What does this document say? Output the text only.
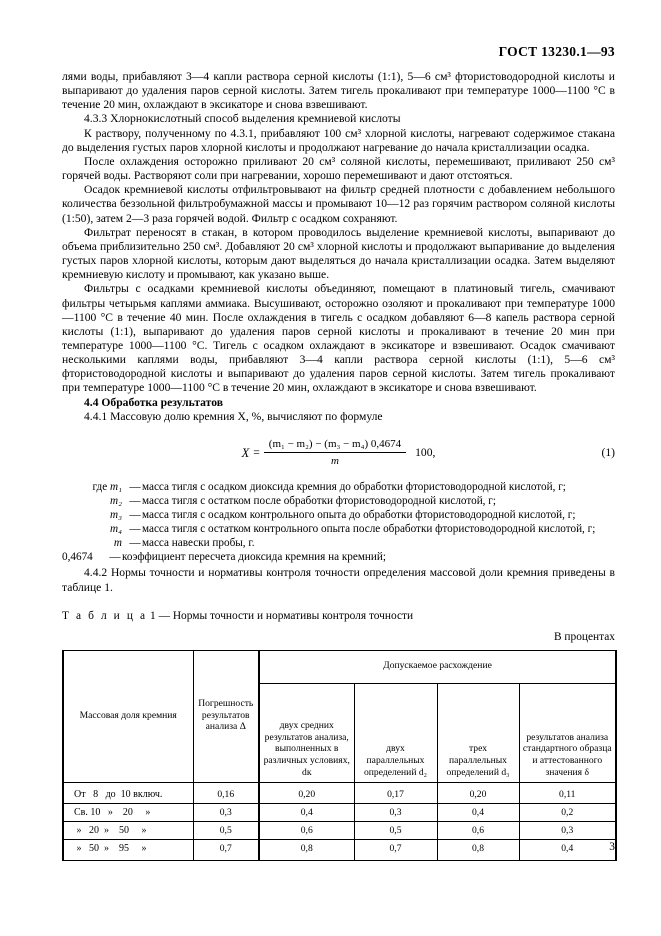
ГОСТ 13230.1—93

лями воды, прибавляют 3—4 капли раствора серной кислоты (1:1), 5—6 см³ фтористоводородной кислоты и выпаривают до удаления паров серной кислоты. Затем тигель прокаливают при температуре 1000—1100 °С в течение 20 мин, охлаждают в эксикаторе и снова взвешивают.

4.3.3 Хлорнокислотный способ выделения кремниевой кислоты

К раствору, полученному по 4.3.1, прибавляют 100 см³ хлорной кислоты, нагревают содержимое стакана до выделения густых паров хлорной кислоты и продолжают нагревание до начала кристаллизации осадка.

После охлаждения осторожно приливают 20 см³ соляной кислоты, перемешивают, приливают 250 см³ горячей воды. Растворяют соли при нагревании, хорошо перемешивают и дают отстояться.

Осадок кремниевой кислоты отфильтровывают на фильтр средней плотности с добавлением небольшого количества беззольной фильтробумажной массы и промывают 10—12 раз горячим раствором соляной кислоты (1:50), затем 2—3 раза горячей водой. Фильтр с осадком сохраняют.

Фильтрат переносят в стакан, в котором проводилось выделение кремниевой кислоты, выпаривают до объема приблизительно 250 см³. Добавляют 20 см³ хлорной кислоты и продолжают выпаривание до выделения густых паров хлорной кислоты, которым дают выделяться до начала кристаллизации осадка. Затем выделяют кремниевую кислоту и промывают, как указано выше.

Фильтры с осадками кремниевой кислоты объединяют, помещают в платиновый тигель, смачивают фильтры четырьмя каплями аммиака. Высушивают, осторожно озоляют и прокаливают при температуре 1000—1100 °С в течение 40 мин. После охлаждения в тигель с осадком добавляют 6—8 капель раствора серной кислоты (1:1), выпаривают до удаления паров серной кислоты и прокаливают в течение 20 мин при температуре 1000—1100 °С. Тигель с осадком охлаждают в эксикаторе и взвешивают. Осадок смачивают несколькими каплями воды, прибавляют 3—4 капли раствора серной кислоты (1:1), 5—6 см³ фтористоводородной кислоты и выпаривают до удаления паров серной кислоты. Затем тигель прокаливают при температуре 1000—1100 °С в течение 20 мин, охлаждают в эксикаторе и снова взвешивают.

4.4 Обработка результатов

4.4.1 Массовую долю кремния X, %, вычисляют по формуле

$X = \frac{\text{(m₁ − m₂) − (m₃ − m₄) 0,4674}}{m} 100$,	(1)
где m₁ — масса тигля с осадком диоксида кремния до обработки фтористоводородной кислотой, г;
m₂ — масса тигля с остатком после обработки фтористоводородной кислотой, г;
m₃ — масса тигля с осадком контрольного опыта до обработки фтористоводородной кислотой, г;
m₄ — масса тигля с остатком контрольного опыта после обработки фтористоводородной кислотой, г;
m — масса навески пробы, г.
0,4674	— коэффициент пересчета диоксида кремния на кремний;

4.4.2 Нормы точности и нормативы контроля точности определения массовой доли кремния приведены в таблице 1.

Т а б л и ц а 1 — Нормы точности и нормативы контроля точности

В процентах

Массовая доля кремния	Погрешность результатов анализа Δ	Допускаемое расхождение			
		двух средних результатов анализа, выполненных в различных условиях, dк	двух параллельных определений d₂	трех параллельных определений d₃	результатов анализа стандартного образца и аттестованного значения δ
От   8   до  10 включ.	0,16	0,20	0,17	0,20	0,11
Св. 10   »    20     »	0,3	0,4	0,3	0,4	0,2
»   20  »    50     »	0,5	0,6	0,5	0,6	0,3
»   50  »    95     »	0,7	0,8	0,7	0,8	0,4	3
